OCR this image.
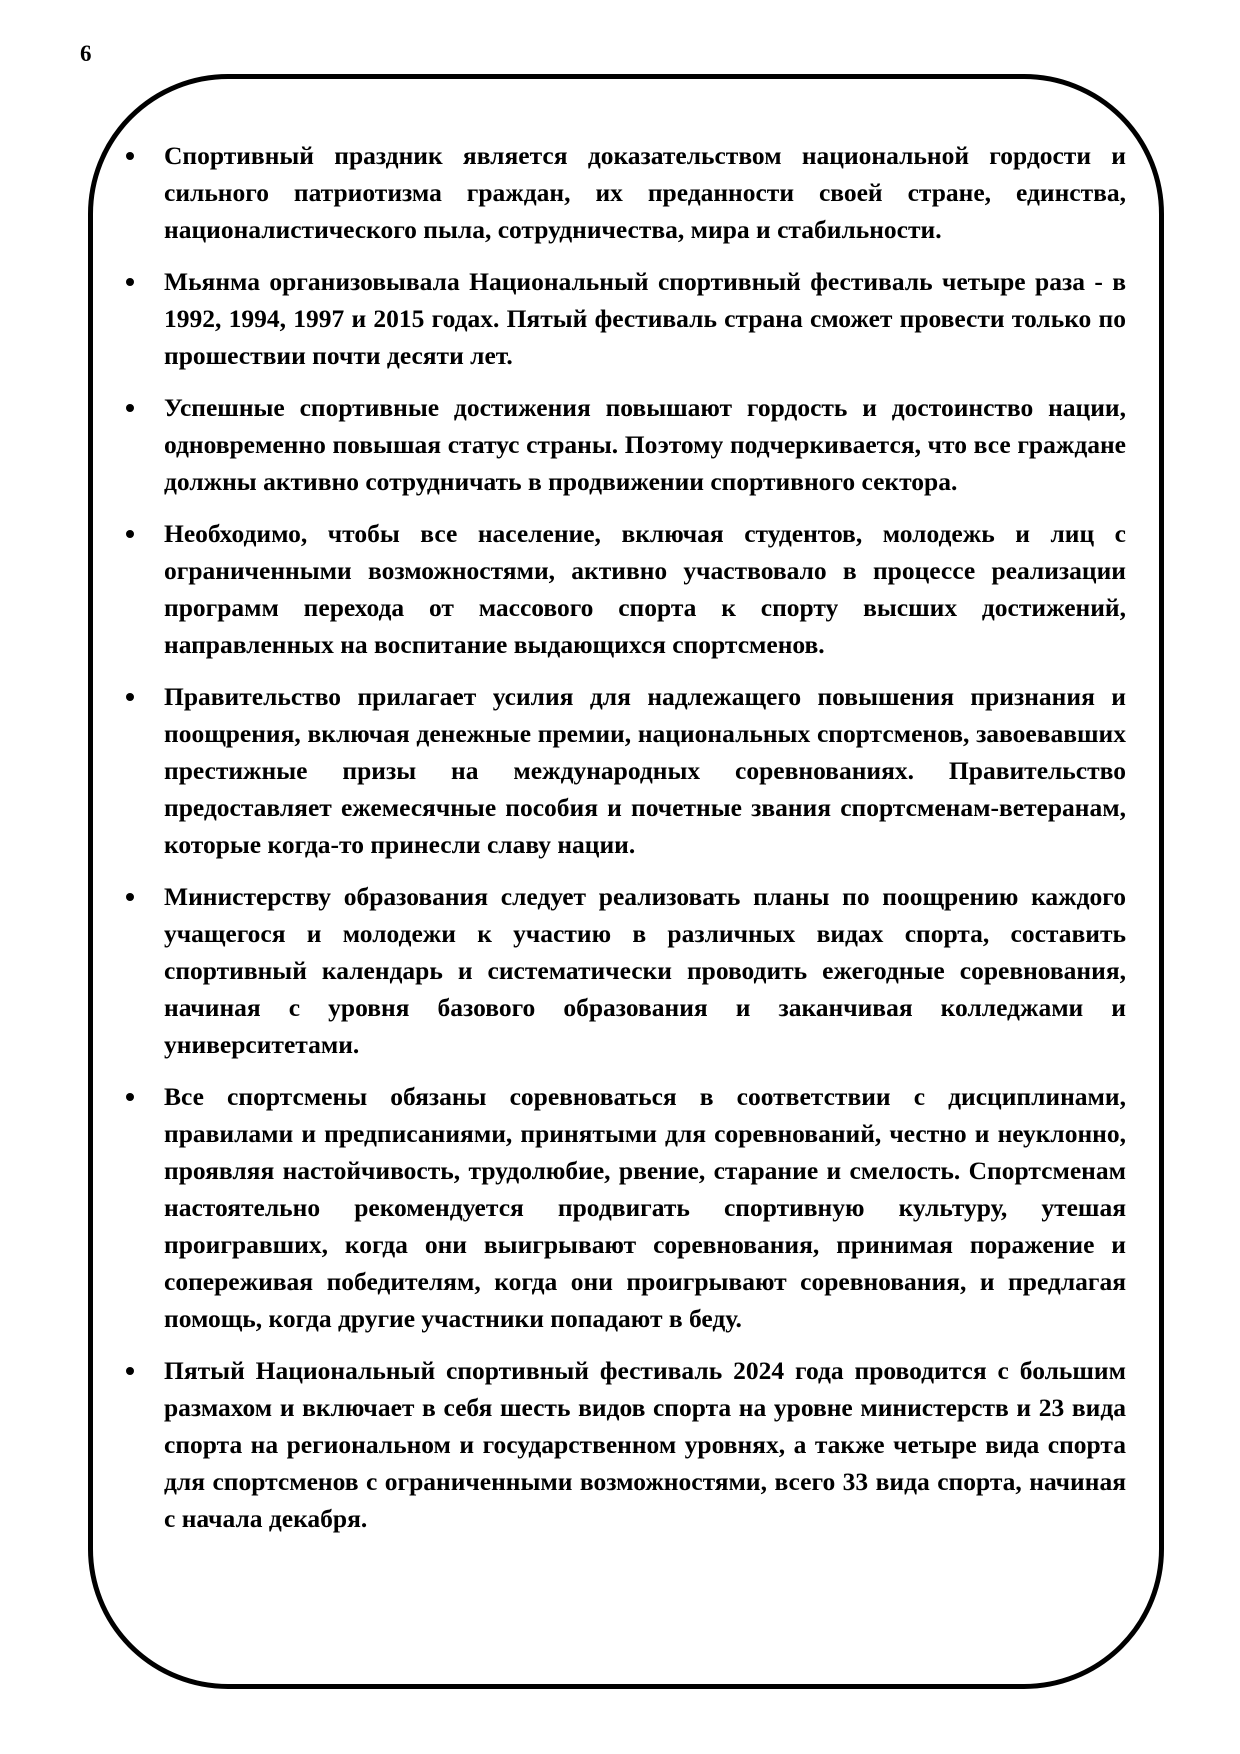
6
Спортивный праздник является доказательством национальной гордости и сильного патриотизма граждан, их преданности своей стране, единства, националистического пыла, сотрудничества, мира и стабильности.
Мьянма организовывала Национальный спортивный фестиваль четыре раза - в 1992, 1994, 1997 и 2015 годах. Пятый фестиваль страна сможет провести только по прошествии почти десяти лет.
Успешные спортивные достижения повышают гордость и достоинство нации, одновременно повышая статус страны. Поэтому подчеркивается, что все граждане должны активно сотрудничать в продвижении спортивного сектора.
Необходимо, чтобы все население, включая студентов, молодежь и лиц с ограниченными возможностями, активно участвовало в процессе реализации программ перехода от массового спорта к спорту высших достижений, направленных на воспитание выдающихся спортсменов.
Правительство прилагает усилия для надлежащего повышения признания и поощрения, включая денежные премии, национальных спортсменов, завоевавших престижные призы на международных соревнованиях. Правительство предоставляет ежемесячные пособия и почетные звания спортсменам-ветеранам, которые когда-то принесли славу нации.
Министерству образования следует реализовать планы по поощрению каждого учащегося и молодежи к участию в различных видах спорта, составить спортивный календарь и систематически проводить ежегодные соревнования, начиная с уровня базового образования и заканчивая колледжами и университетами.
Все спортсмены обязаны соревноваться в соответствии с дисциплинами, правилами и предписаниями, принятыми для соревнований, честно и неуклонно, проявляя настойчивость, трудолюбие, рвение, старание и смелость. Спортсменам настоятельно рекомендуется продвигать спортивную культуру, утешая проигравших, когда они выигрывают соревнования, принимая поражение и сопереживая победителям, когда они проигрывают соревнования, и предлагая помощь, когда другие участники попадают в беду.
Пятый Национальный спортивный фестиваль 2024 года проводится с большим размахом и включает в себя шесть видов спорта на уровне министерств и 23 вида спорта на региональном и государственном уровнях, а также четыре вида спорта для спортсменов с ограниченными возможностями, всего 33 вида спорта, начиная с начала декабря.
